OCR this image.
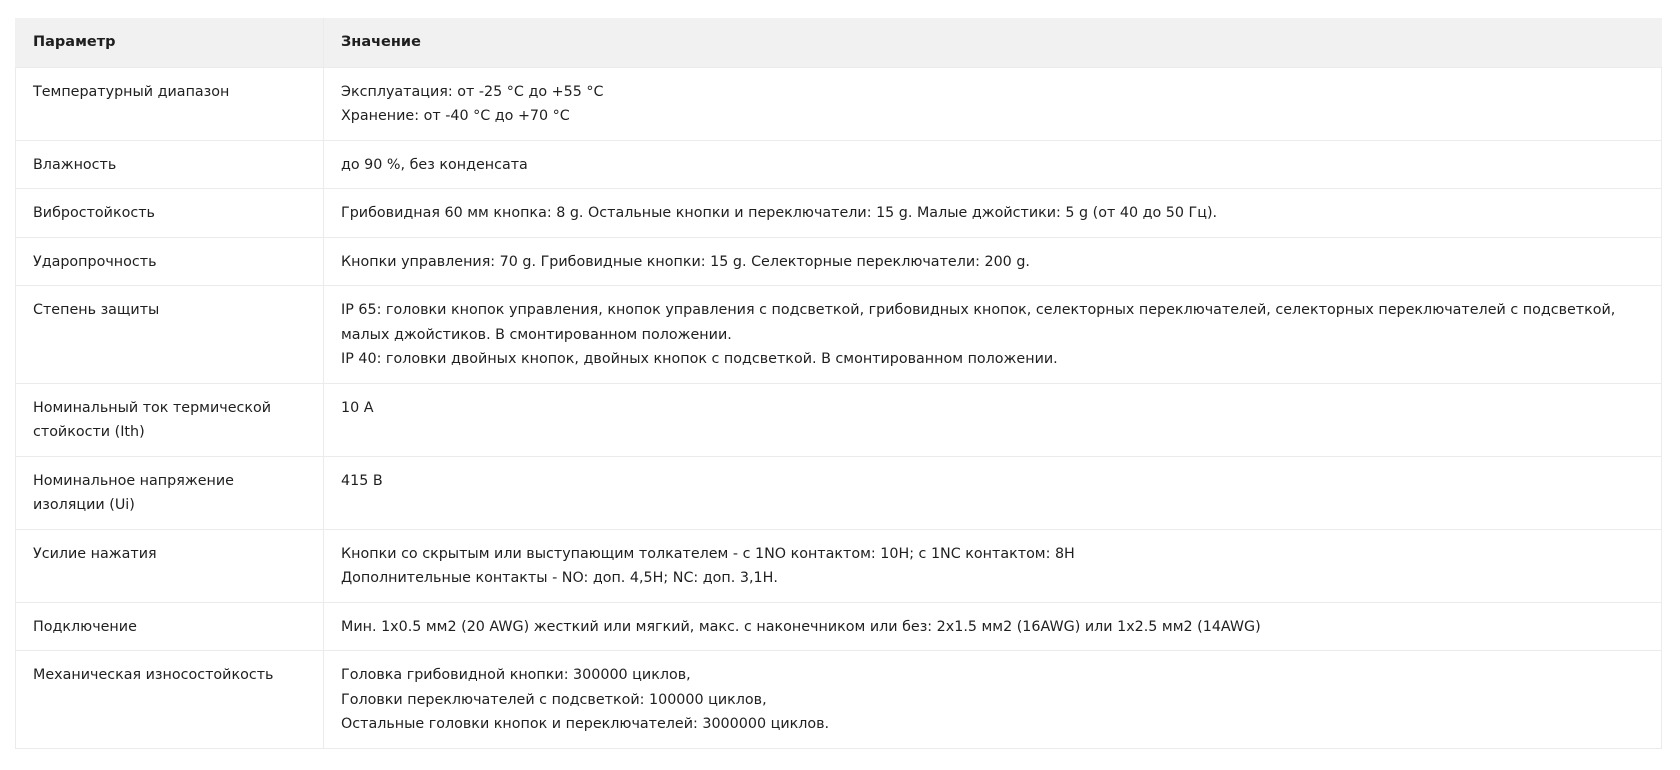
Параметр	Значение
Температурный диапазон	Эксплуатация: от -25 °С до +55 °С
Хранение: от -40 °С до +70 °С

Влажность	до 90 %, без конденсата

Вибростойкость	Грибовидная 60 мм кнопка: 8 g. Остальные кнопки и переключатели: 15 g. Малые джойстики: 5 g (от 40 до 50 Гц).

Ударопрочность	Кнопки управления: 70 g. Грибовидные кнопки: 15 g. Селекторные переключатели: 200 g.

Степень защиты	IP 65: головки кнопок управления, кнопок управления с подсветкой, грибовидных кнопок, селекторных переключателей, селекторных переключателей с подсветкой, малых джойстиков. В смонтированном положении.
IP 40: головки двойных кнопок, двойных кнопок с подсветкой. В смонтированном положении.

Номинальный ток термической стойкости (Ith)	10 А

Номинальное напряжение изоляции (Ui)	415 В

Усилие нажатия	Кнопки со скрытым или выступающим толкателем - с 1NO контактом: 10Н; с 1NC контактом: 8Н
Дополнительные контакты - NO: доп. 4,5Н; NC: доп. 3,1Н.

Подключение	Мин. 1х0.5 мм2 (20 AWG) жесткий или мягкий, макс. с наконечником или без: 2х1.5 мм2 (16AWG) или 1х2.5 мм2 (14AWG)

Механическая износостойкость	Головка грибовидной кнопки: 300000 циклов,
Головки переключателей с подсветкой: 100000 циклов,
Остальные головки кнопок и переключателей: 3000000 циклов.
